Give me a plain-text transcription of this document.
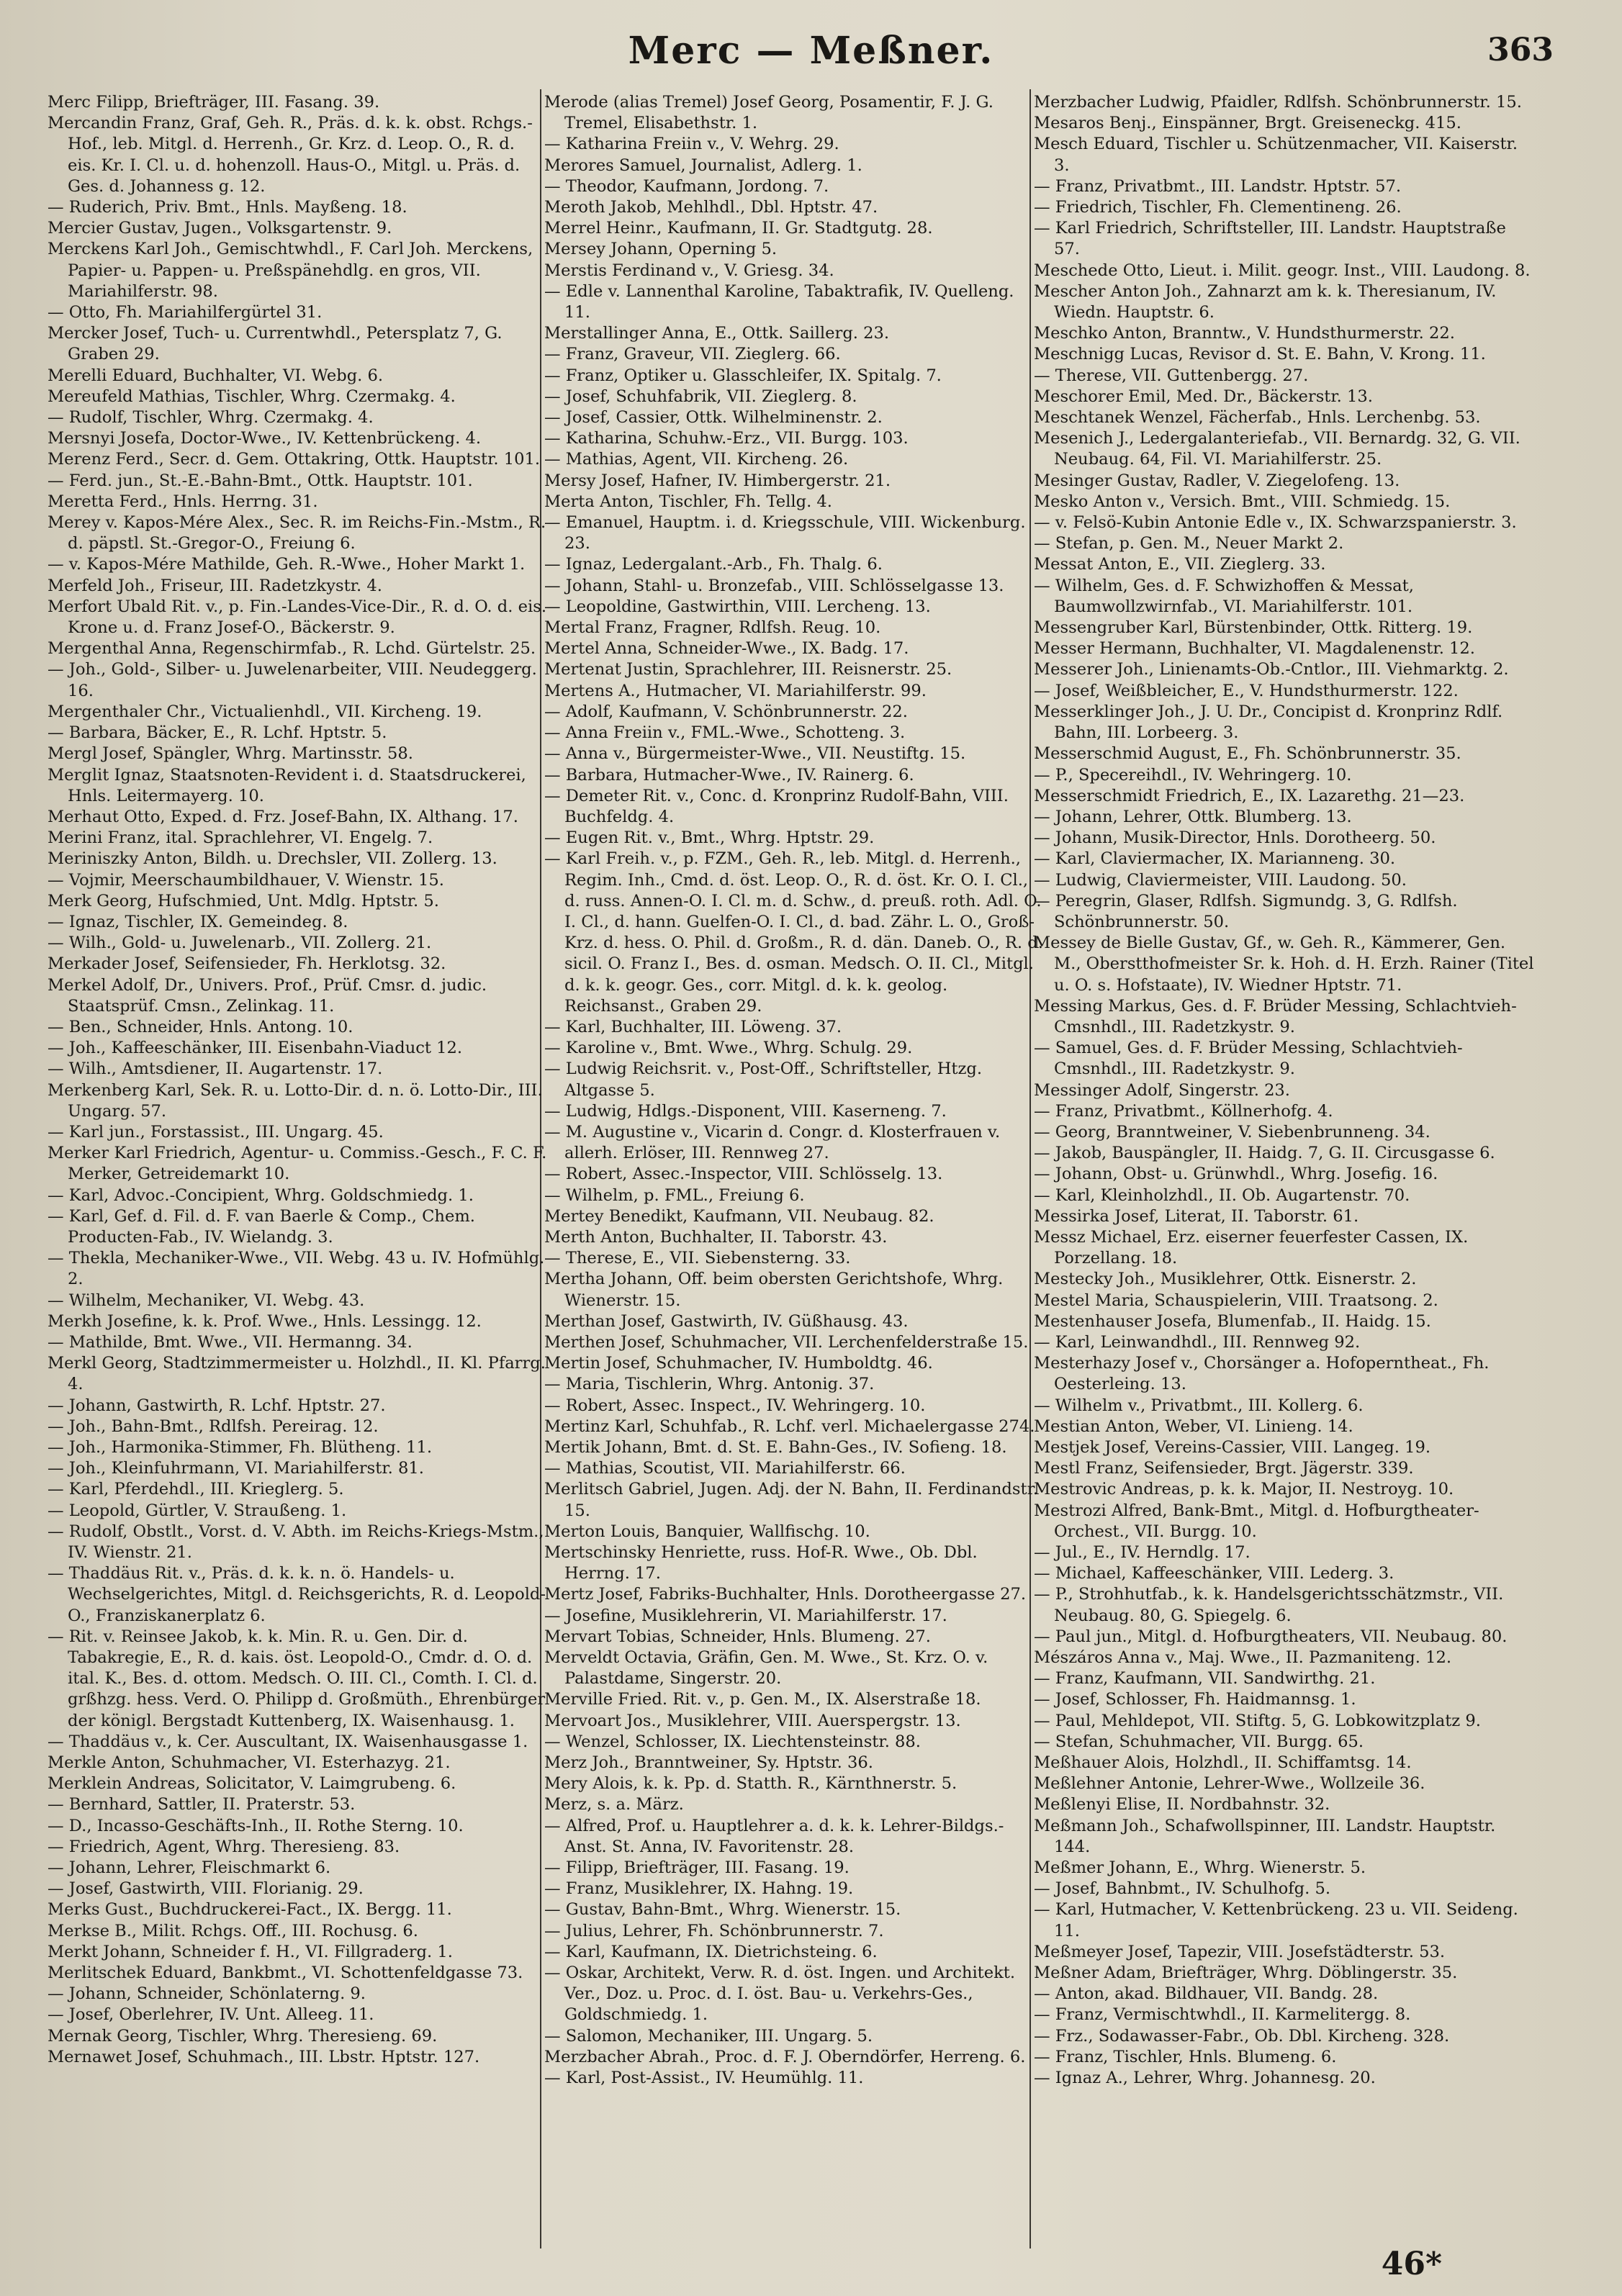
Merc — Meßner.	363

Merc Filipp, Briefträger, III. Fasang. 39.

Mercandin Franz, Graf, Geh. R., Präs. d. k. k. obst. Rchgs.-Hof., leb. Mitgl. d. Herrenh., Gr. Krz. d. Leop. O., R. d. eis. Kr. I. Cl. u. d. hohenzoll. Haus-O., Mitgl. u. Präs. d. Ges. d. Johanness g. 12.

— Ruderich, Priv. Bmt., Hnls. Mayßeng. 18.

Mercier Gustav, Jugen., Volksgartenstr. 9.

Merckens Karl Joh., Gemischtwhdl., F. Carl Joh. Merckens, Papier- u. Pappen- u. Preßspänehdlg. en gros, VII. Mariahilferstr. 98.

— Otto, Fh. Mariahilfergürtel 31.

Mercker Josef, Tuch- u. Currentwhdl., Petersplatz 7, G. Graben 29.

Merelli Eduard, Buchhalter, VI. Webg. 6.

Mereufeld Mathias, Tischler, Whrg. Czermakg. 4.

— Rudolf, Tischler, Whrg. Czermakg. 4.

Mersnyi Josefa, Doctor-Wwe., IV. Kettenbrückeng. 4.

Merenz Ferd., Secr. d. Gem. Ottakring, Ottk. Hauptstr. 101.

— Ferd. jun., St.-E.-Bahn-Bmt., Ottk. Hauptstr. 101.

Meretta Ferd., Hnls. Herrng. 31.

Merey v. Kapos-Mére Alex., Sec. R. im Reichs-Fin.-Mstm., R. d. päpstl. St.-Gregor-O., Freiung 6.

— v. Kapos-Mére Mathilde, Geh. R.-Wwe., Hoher Markt 1.

Merfeld Joh., Friseur, III. Radetzkystr. 4.

Merfort Ubald Rit. v., p. Fin.-Landes-Vice-Dir., R. d. O. d. eis. Krone u. d. Franz Josef-O., Bäckerstr. 9.

Mergenthal Anna, Regenschirmfab., R. Lchd. Gürtelstr. 25.

— Joh., Gold-, Silber- u. Juwelenarbeiter, VIII. Neudeggerg. 16.

Mergenthaler Chr., Victualienhdl., VII. Kircheng. 19.

— Barbara, Bäcker, E., R. Lchf. Hptstr. 5.

Mergl Josef, Spängler, Whrg. Martinsstr. 58.

Merglit Ignaz, Staatsnoten-Revident i. d. Staatsdruckerei, Hnls. Leitermayerg. 10.

Merhaut Otto, Exped. d. Frz. Josef-Bahn, IX. Althang. 17.

Merini Franz, ital. Sprachlehrer, VI. Engelg. 7.

Meriniszky Anton, Bildh. u. Drechsler, VII. Zollerg. 13.

— Vojmir, Meerschaumbildhauer, V. Wienstr. 15.

Merk Georg, Hufschmied, Unt. Mdlg. Hptstr. 5.

— Ignaz, Tischler, IX. Gemeindeg. 8.

— Wilh., Gold- u. Juwelenarb., VII. Zollerg. 21.

Merkader Josef, Seifensieder, Fh. Herklotsg. 32.

Merkel Adolf, Dr., Univers. Prof., Prüf. Cmsr. d. judic. Staatsprüf. Cmsn., Zelinkag. 11.

— Ben., Schneider, Hnls. Antong. 10.

— Joh., Kaffeeschänker, III. Eisenbahn-Viaduct 12.

— Wilh., Amtsdiener, II. Augartenstr. 17.

Merkenberg Karl, Sek. R. u. Lotto-Dir. d. n. ö. Lotto-Dir., III. Ungarg. 57.

— Karl jun., Forstassist., III. Ungarg. 45.

Merker Karl Friedrich, Agentur- u. Commiss.-Gesch., F. C. F. Merker, Getreidemarkt 10.

— Karl, Advoc.-Concipient, Whrg. Goldschmiedg. 1.

— Karl, Gef. d. Fil. d. F. van Baerle & Comp., Chem. Producten-Fab., IV. Wielandg. 3.

— Thekla, Mechaniker-Wwe., VII. Webg. 43 u. IV. Hofmühlg. 2.

— Wilhelm, Mechaniker, VI. Webg. 43.

Merkh Josefine, k. k. Prof. Wwe., Hnls. Lessingg. 12.

— Mathilde, Bmt. Wwe., VII. Hermanng. 34.

Merkl Georg, Stadtzimmermeister u. Holzhdl., II. Kl. Pfarrg. 4.

— Johann, Gastwirth, R. Lchf. Hptstr. 27.

— Joh., Bahn-Bmt., Rdlfsh. Pereirag. 12.

— Joh., Harmonika-Stimmer, Fh. Blütheng. 11.

— Joh., Kleinfuhrmann, VI. Mariahilferstr. 81.

— Karl, Pferdehdl., III. Krieglerg. 5.

— Leopold, Gürtler, V. Straußeng. 1.

— Rudolf, Obstlt., Vorst. d. V. Abth. im Reichs-Kriegs-Mstm., IV. Wienstr. 21.

— Thaddäus Rit. v., Präs. d. k. k. n. ö. Handels- u. Wechselgerichtes, Mitgl. d. Reichsgerichts, R. d. Leopold-O., Franziskanerplatz 6.

— Rit. v. Reinsee Jakob, k. k. Min. R. u. Gen. Dir. d. Tabakregie, E., R. d. kais. öst. Leopold-O., Cmdr. d. O. d. ital. K., Bes. d. ottom. Medsch. O. III. Cl., Comth. I. Cl. d. grßhzg. hess. Verd. O. Philipp d. Großmüth., Ehrenbürger der königl. Bergstadt Kuttenberg, IX. Waisenhausg. 1.

— Thaddäus v., k. Cer. Auscultant, IX. Waisenhausgasse 1.

Merkle Anton, Schuhmacher, VI. Esterhazyg. 21.

Merklein Andreas, Solicitator, V. Laimgrubeng. 6.

— Bernhard, Sattler, II. Praterstr. 53.

— D., Incasso-Geschäfts-Inh., II. Rothe Sterng. 10.

— Friedrich, Agent, Whrg. Theresieng. 83.

— Johann, Lehrer, Fleischmarkt 6.

— Josef, Gastwirth, VIII. Florianig. 29.

Merks Gust., Buchdruckerei-Fact., IX. Bergg. 11.

Merkse B., Milit. Rchgs. Off., III. Rochusg. 6.

Merkt Johann, Schneider f. H., VI. Fillgraderg. 1.

Merlitschek Eduard, Bankbmt., VI. Schottenfeldgasse 73.

— Johann, Schneider, Schönlaterng. 9.

— Josef, Oberlehrer, IV. Unt. Alleeg. 11.

Mernak Georg, Tischler, Whrg. Theresieng. 69.

Mernawet Josef, Schuhmach., III. Lbstr. Hptstr. 127.

Merode (alias Tremel) Josef Georg, Posamentir, F. J. G. Tremel, Elisabethstr. 1.

— Katharina Freiin v., V. Wehrg. 29.

Merores Samuel, Journalist, Adlerg. 1.

— Theodor, Kaufmann, Jordong. 7.

Meroth Jakob, Mehlhdl., Dbl. Hptstr. 47.

Merrel Heinr., Kaufmann, II. Gr. Stadtgutg. 28.

Mersey Johann, Operning 5.

Merstis Ferdinand v., V. Griesg. 34.

— Edle v. Lannenthal Karoline, Tabaktrafik, IV. Quelleng. 11.

Merstallinger Anna, E., Ottk. Saillerg. 23.

— Franz, Graveur, VII. Zieglerg. 66.

— Franz, Optiker u. Glasschleifer, IX. Spitalg. 7.

— Josef, Schuhfabrik, VII. Zieglerg. 8.

— Josef, Cassier, Ottk. Wilhelminenstr. 2.

— Katharina, Schuhw.-Erz., VII. Burgg. 103.

— Mathias, Agent, VII. Kircheng. 26.

Mersy Josef, Hafner, IV. Himbergerstr. 21.

Merta Anton, Tischler, Fh. Tellg. 4.

— Emanuel, Hauptm. i. d. Kriegsschule, VIII. Wickenburg. 23.

— Ignaz, Ledergalant.-Arb., Fh. Thalg. 6.

— Johann, Stahl- u. Bronzefab., VIII. Schlösselgasse 13.

— Leopoldine, Gastwirthin, VIII. Lercheng. 13.

Mertal Franz, Fragner, Rdlfsh. Reug. 10.

Mertel Anna, Schneider-Wwe., IX. Badg. 17.

Mertenat Justin, Sprachlehrer, III. Reisnerstr. 25.

Mertens A., Hutmacher, VI. Mariahilferstr. 99.

— Adolf, Kaufmann, V. Schönbrunnerstr. 22.

— Anna Freiin v., FML.-Wwe., Schotteng. 3.

— Anna v., Bürgermeister-Wwe., VII. Neustiftg. 15.

— Barbara, Hutmacher-Wwe., IV. Rainerg. 6.

— Demeter Rit. v., Conc. d. Kronprinz Rudolf-Bahn, VIII. Buchfeldg. 4.

— Eugen Rit. v., Bmt., Whrg. Hptstr. 29.

— Karl Freih. v., p. FZM., Geh. R., leb. Mitgl. d. Herrenh., Regim. Inh., Cmd. d. öst. Leop. O., R. d. öst. Kr. O. I. Cl., d. russ. Annen-O. I. Cl. m. d. Schw., d. preuß. roth. Adl. O. I. Cl., d. hann. Guelfen-O. I. Cl., d. bad. Zähr. L. O., Groß-Krz. d. hess. O. Phil. d. Großm., R. d. dän. Daneb. O., R. d. sicil. O. Franz I., Bes. d. osman. Medsch. O. II. Cl., Mitgl. d. k. k. geogr. Ges., corr. Mitgl. d. k. k. geolog. Reichsanst., Graben 29.

— Karl, Buchhalter, III. Löweng. 37.

— Karoline v., Bmt. Wwe., Whrg. Schulg. 29.

— Ludwig Reichsrit. v., Post-Off., Schriftsteller, Htzg. Altgasse 5.

— Ludwig, Hdlgs.-Disponent, VIII. Kaserneng. 7.

— M. Augustine v., Vicarin d. Congr. d. Klosterfrauen v. allerh. Erlöser, III. Rennweg 27.

— Robert, Assec.-Inspector, VIII. Schlösselg. 13.

— Wilhelm, p. FML., Freiung 6.

Mertey Benedikt, Kaufmann, VII. Neubaug. 82.

Merth Anton, Buchhalter, II. Taborstr. 43.

— Therese, E., VII. Siebensterng. 33.

Mertha Johann, Off. beim obersten Gerichtshofe, Whrg. Wienerstr. 15.

Merthan Josef, Gastwirth, IV. Güßhausg. 43.

Merthen Josef, Schuhmacher, VII. Lerchenfelderstraße 15.

Mertin Josef, Schuhmacher, IV. Humboldtg. 46.

— Maria, Tischlerin, Whrg. Antonig. 37.

— Robert, Assec. Inspect., IV. Wehringerg. 10.

Mertinz Karl, Schuhfab., R. Lchf. verl. Michaelergasse 274.

Mertik Johann, Bmt. d. St. E. Bahn-Ges., IV. Sofieng. 18.

— Mathias, Scoutist, VII. Mariahilferstr. 66.

Merlitsch Gabriel, Jugen. Adj. der N. Bahn, II. Ferdinandstr. 15.

Merton Louis, Banquier, Wallfischg. 10.

Mertschinsky Henriette, russ. Hof-R. Wwe., Ob. Dbl. Herrng. 17.

Mertz Josef, Fabriks-Buchhalter, Hnls. Dorotheergasse 27.

— Josefine, Musiklehrerin, VI. Mariahilferstr. 17.

Mervart Tobias, Schneider, Hnls. Blumeng. 27.

Merveldt Octavia, Gräfin, Gen. M. Wwe., St. Krz. O. v. Palastdame, Singerstr. 20.

Merville Fried. Rit. v., p. Gen. M., IX. Alserstraße 18.

Mervoart Jos., Musiklehrer, VIII. Auerspergstr. 13.

— Wenzel, Schlosser, IX. Liechtensteinstr. 88.

Merz Joh., Branntweiner, Sy. Hptstr. 36.

Mery Alois, k. k. Pp. d. Statth. R., Kärnthnerstr. 5.

Merz, s. a. März.

— Alfred, Prof. u. Hauptlehrer a. d. k. k. Lehrer-Bildgs.-Anst. St. Anna, IV. Favoritenstr. 28.

— Filipp, Briefträger, III. Fasang. 19.

— Franz, Musiklehrer, IX. Hahng. 19.

— Gustav, Bahn-Bmt., Whrg. Wienerstr. 15.

— Julius, Lehrer, Fh. Schönbrunnerstr. 7.

— Karl, Kaufmann, IX. Dietrichsteing. 6.

— Oskar, Architekt, Verw. R. d. öst. Ingen. und Architekt. Ver., Doz. u. Proc. d. I. öst. Bau- u. Verkehrs-Ges., Goldschmiedg. 1.

— Salomon, Mechaniker, III. Ungarg. 5.

Merzbacher Abrah., Proc. d. F. J. Oberndörfer, Herreng. 6.

— Karl, Post-Assist., IV. Heumühlg. 11.

Merzbacher Ludwig, Pfaidler, Rdlfsh. Schönbrunnerstr. 15.

Mesaros Benj., Einspänner, Brgt. Greiseneckg. 415.

Mesch Eduard, Tischler u. Schützenmacher, VII. Kaiserstr. 3.

— Franz, Privatbmt., III. Landstr. Hptstr. 57.

— Friedrich, Tischler, Fh. Clementineng. 26.

— Karl Friedrich, Schriftsteller, III. Landstr. Hauptstraße 57.

Meschede Otto, Lieut. i. Milit. geogr. Inst., VIII. Laudong. 8.

Mescher Anton Joh., Zahnarzt am k. k. Theresianum, IV. Wiedn. Hauptstr. 6.

Meschko Anton, Branntw., V. Hundsthurmerstr. 22.

Meschnigg Lucas, Revisor d. St. E. Bahn, V. Krong. 11.

— Therese, VII. Guttenbergg. 27.

Meschorer Emil, Med. Dr., Bäckerstr. 13.

Meschtanek Wenzel, Fächerfab., Hnls. Lerchenbg. 53.

Mesenich J., Ledergalanteriefab., VII. Bernardg. 32, G. VII. Neubaug. 64, Fil. VI. Mariahilferstr. 25.

Mesinger Gustav, Radler, V. Ziegelofeng. 13.

Mesko Anton v., Versich. Bmt., VIII. Schmiedg. 15.

— v. Felsö-Kubin Antonie Edle v., IX. Schwarzspanierstr. 3.

— Stefan, p. Gen. M., Neuer Markt 2.

Messat Anton, E., VII. Zieglerg. 33.

— Wilhelm, Ges. d. F. Schwizhoffen & Messat, Baumwollzwirnfab., VI. Mariahilferstr. 101.

Messengruber Karl, Bürstenbinder, Ottk. Ritterg. 19.

Messer Hermann, Buchhalter, VI. Magdalenenstr. 12.

Messerer Joh., Linienamts-Ob.-Cntlor., III. Viehmarktg. 2.

— Josef, Weißbleicher, E., V. Hundsthurmerstr. 122.

Messerklinger Joh., J. U. Dr., Concipist d. Kronprinz Rdlf. Bahn, III. Lorbeerg. 3.

Messerschmid August, E., Fh. Schönbrunnerstr. 35.

— P., Specereihdl., IV. Wehringerg. 10.

Messerschmidt Friedrich, E., IX. Lazarethg. 21—23.

— Johann, Lehrer, Ottk. Blumberg. 13.

— Johann, Musik-Director, Hnls. Dorotheerg. 50.

— Karl, Claviermacher, IX. Marianneng. 30.

— Ludwig, Claviermeister, VIII. Laudong. 50.

— Peregrin, Glaser, Rdlfsh. Sigmundg. 3, G. Rdlfsh. Schönbrunnerstr. 50.

Messey de Bielle Gustav, Gf., w. Geh. R., Kämmerer, Gen. M., Oberstthofmeister Sr. k. Hoh. d. H. Erzh. Rainer (Titel u. O. s. Hofstaate), IV. Wiedner Hptstr. 71.

Messing Markus, Ges. d. F. Brüder Messing, Schlachtvieh-Cmsnhdl., III. Radetzkystr. 9.

— Samuel, Ges. d. F. Brüder Messing, Schlachtvieh-Cmsnhdl., III. Radetzkystr. 9.

Messinger Adolf, Singerstr. 23.

— Franz, Privatbmt., Köllnerhofg. 4.

— Georg, Branntweiner, V. Siebenbrunneng. 34.

— Jakob, Bauspängler, II. Haidg. 7, G. II. Circusgasse 6.

— Johann, Obst- u. Grünwhdl., Whrg. Josefig. 16.

— Karl, Kleinholzhdl., II. Ob. Augartenstr. 70.

Messirka Josef, Literat, II. Taborstr. 61.

Messz Michael, Erz. eiserner feuerfester Cassen, IX. Porzellang. 18.

Mestecky Joh., Musiklehrer, Ottk. Eisnerstr. 2.

Mestel Maria, Schauspielerin, VIII. Traatsong. 2.

Mestenhauser Josefa, Blumenfab., II. Haidg. 15.

— Karl, Leinwandhdl., III. Rennweg 92.

Mesterhazy Josef v., Chorsänger a. Hofoperntheat., Fh. Oesterleing. 13.

— Wilhelm v., Privatbmt., III. Kollerg. 6.

Mestian Anton, Weber, VI. Linieng. 14.

Mestjek Josef, Vereins-Cassier, VIII. Langeg. 19.

Mestl Franz, Seifensieder, Brgt. Jägerstr. 339.

Mestrovic Andreas, p. k. k. Major, II. Nestroyg. 10.

Mestrozi Alfred, Bank-Bmt., Mitgl. d. Hofburgtheater-Orchest., VII. Burgg. 10.

— Jul., E., IV. Herndlg. 17.

— Michael, Kaffeeschänker, VIII. Lederg. 3.

— P., Strohhutfab., k. k. Handelsgerichtsschätzmstr., VII. Neubaug. 80, G. Spiegelg. 6.

— Paul jun., Mitgl. d. Hofburgtheaters, VII. Neubaug. 80.

Mészáros Anna v., Maj. Wwe., II. Pazmaniteng. 12.

— Franz, Kaufmann, VII. Sandwirthg. 21.

— Josef, Schlosser, Fh. Haidmannsg. 1.

— Paul, Mehldepot, VII. Stiftg. 5, G. Lobkowitzplatz 9.

— Stefan, Schuhmacher, VII. Burgg. 65.

Meßhauer Alois, Holzhdl., II. Schiffamtsg. 14.

Meßlehner Antonie, Lehrer-Wwe., Wollzeile 36.

Meßlenyi Elise, II. Nordbahnstr. 32.

Meßmann Joh., Schafwollspinner, III. Landstr. Hauptstr. 144.

Meßmer Johann, E., Whrg. Wienerstr. 5.

— Josef, Bahnbmt., IV. Schulhofg. 5.

— Karl, Hutmacher, V. Kettenbrückeng. 23 u. VII. Seideng. 11.

Meßmeyer Josef, Tapezir, VIII. Josefstädterstr. 53.

Meßner Adam, Briefträger, Whrg. Döblingerstr. 35.

— Anton, akad. Bildhauer, VII. Bandg. 28.

— Franz, Vermischtwhdl., II. Karmelitergg. 8.

— Frz., Sodawasser-Fabr., Ob. Dbl. Kircheng. 328.

— Franz, Tischler, Hnls. Blumeng. 6.

— Ignaz A., Lehrer, Whrg. Johannesg. 20.

46*
